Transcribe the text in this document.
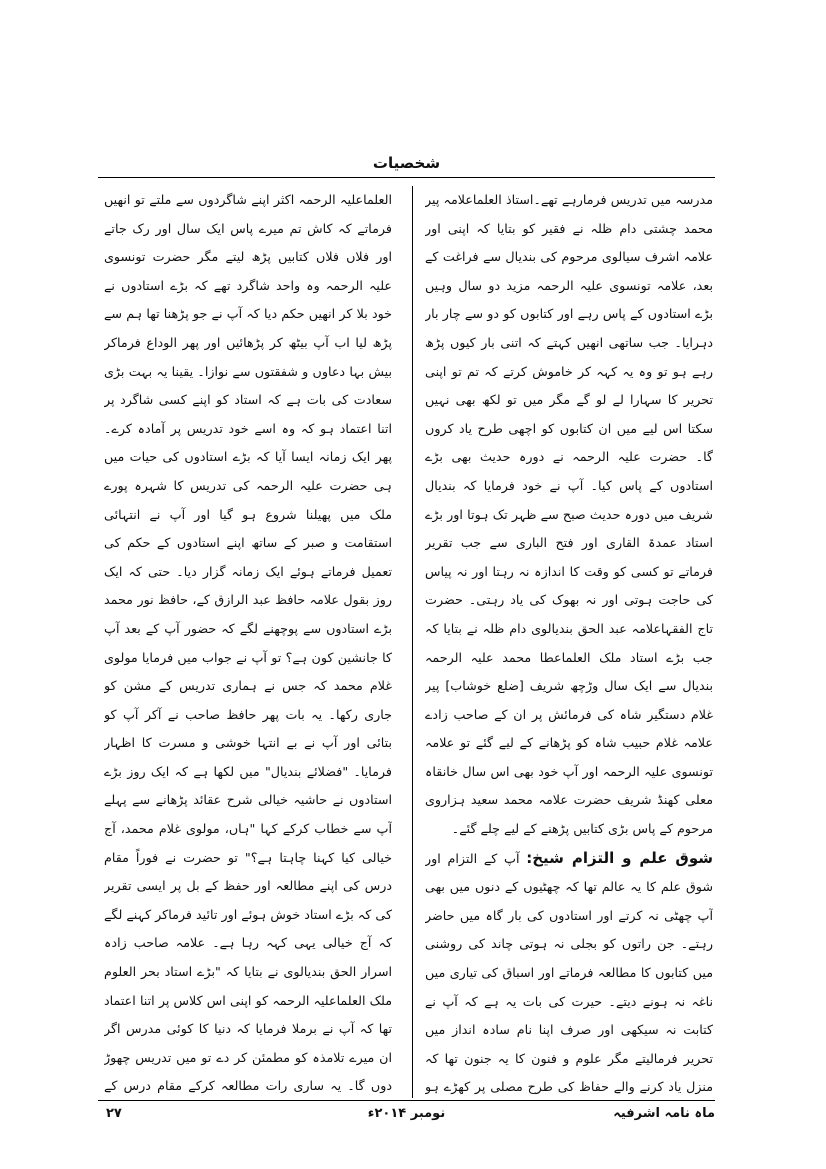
شخصیات

مدرسہ میں تدریس فرمارہے تھے۔استاذ العلماعلامہ پیر محمد چشتی دام ظلہ نے فقیر کو بتایا کہ اپنی اور علامہ اشرف سیالوی مرحوم کی بندیال سے فراغت کے بعد، علامہ تونسوی علیہ الرحمہ مزید دو سال وہیں بڑے استادوں کے پاس رہے اور کتابوں کو دو سے چار بار دہرایا۔ جب ساتھی انھیں کہتے کہ اتنی بار کیوں پڑھ رہے ہو تو وہ یہ کہہ کر خاموش کرتے کہ تم تو اپنی تحریر کا سہارا لے لو گے مگر میں تو لکھ بھی نہیں سکتا اس لیے میں ان کتابوں کو اچھی طرح یاد کروں گا۔ حضرت علیہ الرحمہ نے دورہ حدیث بھی بڑے استادوں کے پاس کیا۔ آپ نے خود فرمایا کہ بندیال شریف میں دورہ حدیث صبح سے ظہر تک ہوتا اور بڑے استاد عمدۃ القاری اور فتح الباری سے جب تقریر فرماتے تو کسی کو وقت کا اندازہ نہ رہتا اور نہ پیاس کی حاجت ہوتی اور نہ بھوک کی یاد رہتی۔ حضرت تاج الفقہاعلامہ عبد الحق بندیالوی دام ظلہ نے بتایا کہ جب بڑے استاد ملک العلماعطا محمد علیہ الرحمہ بندیال سے ایک سال وڑچھ شریف [ضلع خوشاب] پیر غلام دستگیر شاہ کی فرمائش پر ان کے صاحب زادے علامہ غلام حبیب شاہ کو پڑھانے کے لیے گئے تو علامہ تونسوی علیہ الرحمہ اور آپ خود بھی اس سال خانقاہ معلی کھنڈ شریف حضرت علامہ محمد سعید ہزاروی مرحوم کے پاس بڑی کتابیں پڑھنے کے لیے چلے گئے۔

شوق علم و التزام شیخ: آپ کے التزام اور شوق علم کا یہ عالم تھا کہ چھٹیوں کے دنوں میں بھی آپ چھٹی نہ کرتے اور استادوں کی بار گاہ میں حاضر رہتے۔ جن راتوں کو بجلی نہ ہوتی چاند کی روشنی میں کتابوں کا مطالعہ فرماتے اور اسباق کی تیاری میں ناغہ نہ ہونے دیتے۔ حیرت کی بات یہ ہے کہ آپ نے کتابت نہ سیکھی اور صرف اپنا نام سادہ انداز میں تحریر فرمالیتے مگر علوم و فنون کا یہ جنون تھا کہ منزل یاد کرنے والے حفاظ کی طرح مصلی پر کھڑے ہو

العلماعلیہ الرحمہ اکثر اپنے شاگردوں سے ملتے تو انھیں فرماتے کہ کاش تم میرے پاس ایک سال اور رک جاتے اور فلاں فلاں کتابیں پڑھ لیتے مگر حضرت تونسوی علیہ الرحمہ وہ واحد شاگرد تھے کہ بڑے استادوں نے خود بلا کر انھیں حکم دیا کہ آپ نے جو پڑھنا تھا ہم سے پڑھ لیا اب آپ بیٹھ کر پڑھائیں اور پھر الوداع فرماکر بیش بہا دعاوں و شفقتوں سے نوازا۔ یقینا یہ بہت بڑی سعادت کی بات ہے کہ استاد کو اپنے کسی شاگرد پر اتنا اعتماد ہو کہ وہ اسے خود تدریس پر آمادہ کرے۔ پھر ایک زمانہ ایسا آیا کہ بڑے استادوں کی حیات میں ہی حضرت علیہ الرحمہ کی تدریس کا شہرہ پورے ملک میں پھیلنا شروع ہو گیا اور آپ نے انتہائی استقامت و صبر کے ساتھ اپنے استادوں کے حکم کی تعمیل فرماتے ہوئے ایک زمانہ گزار دیا۔ حتی کہ ایک روز بقول علامہ حافظ عبد الرازق کے، حافظ نور محمد بڑے استادوں سے پوچھنے لگے کہ حضور آپ کے بعد آپ کا جانشین کون ہے؟ تو آپ نے جواب میں فرمایا مولوی غلام محمد کہ جس نے ہماری تدریس کے مشن کو جاری رکھا۔ یہ بات پھر حافظ صاحب نے آکر آپ کو بتائی اور آپ نے بے انتہا خوشی و مسرت کا اظہار فرمایا۔ "فضلائے بندیال" میں لکھا ہے کہ ایک روز بڑے استادوں نے حاشیہ خیالی شرح عقائد پڑھانے سے پہلے آپ سے خطاب کرکے کہا "ہاں، مولوی غلام محمد، آج خیالی کیا کہنا چاہتا ہے؟" تو حضرت نے فوراً مقام درس کی اپنے مطالعہ اور حفظ کے بل پر ایسی تقریر کی کہ بڑے استاد خوش ہوئے اور تائید فرماکر کہنے لگے کہ آج خیالی یہی کہہ رہا ہے۔ علامہ صاحب زادہ اسرار الحق بندیالوی نے بتایا کہ "بڑے استاد بحر العلوم ملک العلماعلیہ الرحمہ کو اپنی اس کلاس پر اتنا اعتماد تھا کہ آپ نے برملا فرمایا کہ دنیا کا کوئی مدرس اگر ان میرے تلامذہ کو مطمئن کر دے تو میں تدریس چھوڑ دوں گا۔ یہ ساری رات مطالعہ کرکے مقام درس کے

ماہ نامہ اشرفیہ
نومبر ۲۰۱۴ء
۲۷
